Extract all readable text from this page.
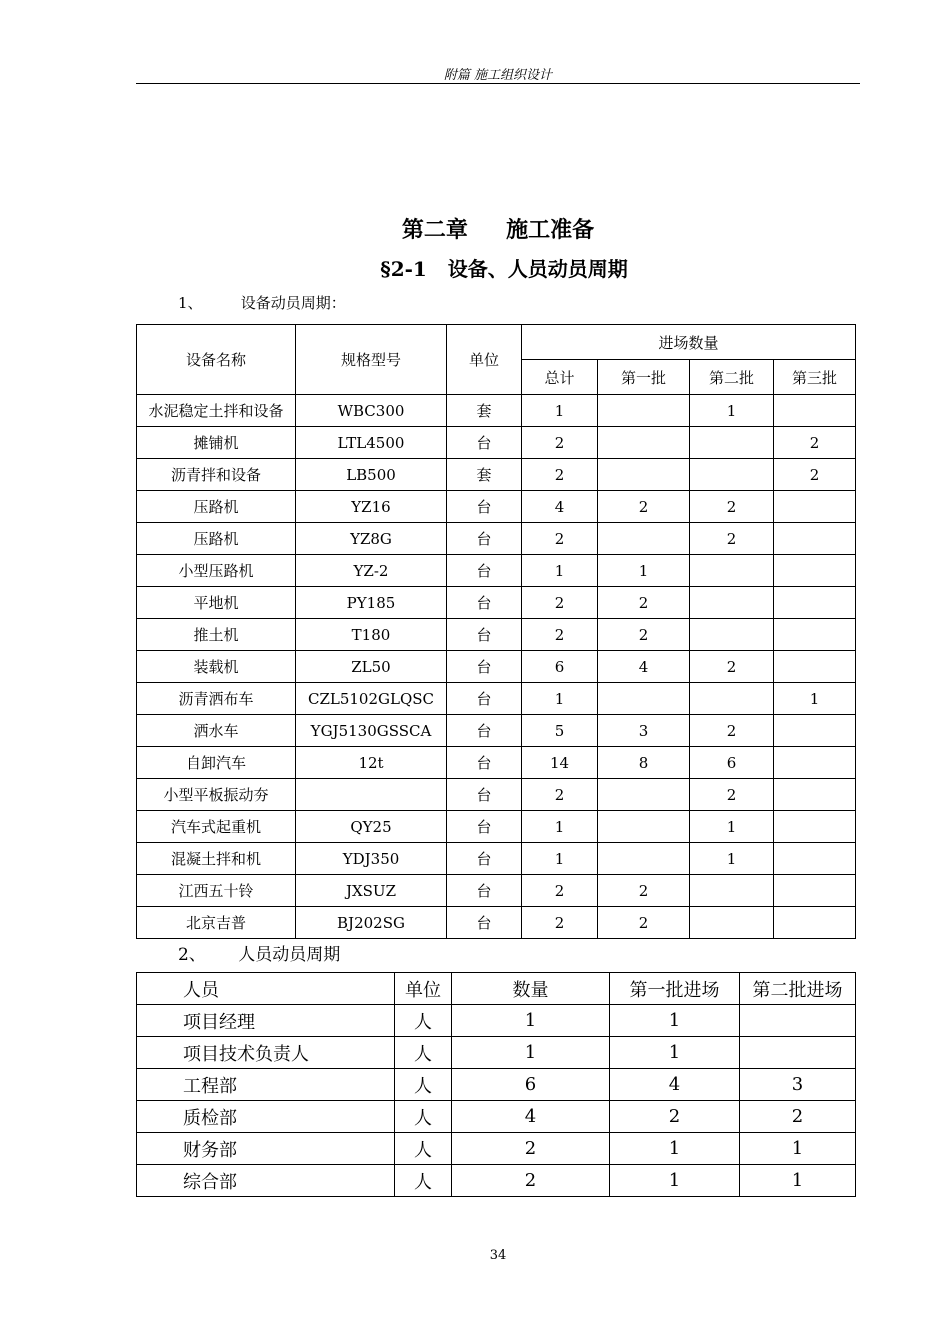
附篇 施工组织设计
第二章     施工准备
§2-1   设备、人员动员周期
1、	设备动员周期：
设备名称	规格型号	单位	进场数量			
			总计	第一批	第二批	第三批
水泥稳定土拌和设备	WBC300	套	1		1	
摊铺机	LTL4500	台	2			2
沥青拌和设备	LB500	套	2			2
压路机	YZ16	台	4	2	2	
压路机	YZ8G	台	2		2	
小型压路机	YZ-2	台	1	1		
平地机	PY185	台	2	2		
推土机	T180	台	2	2		
装载机	ZL50	台	6	4	2	
沥青洒布车	CZL5102GLQSC	台	1			1
洒水车	YGJ5130GSSCA	台	5	3	2	
自卸汽车	12t	台	14	8	6	
小型平板振动夯		台	2		2	
汽车式起重机	QY25	台	1		1	
混凝土拌和机	YDJ350	台	1		1	
江西五十铃	JXSUZ	台	2	2		
北京吉普	BJ202SG	台	2	2		
2、 人员动员周期
人员	单位	数量	第一批进场	第二批进场
项目经理	人	1	1	
项目技术负责人	人	1	1	
工程部	人	6	4	3
质检部	人	4	2	2
财务部	人	2	1	1
综合部	人	2	1	1
34
